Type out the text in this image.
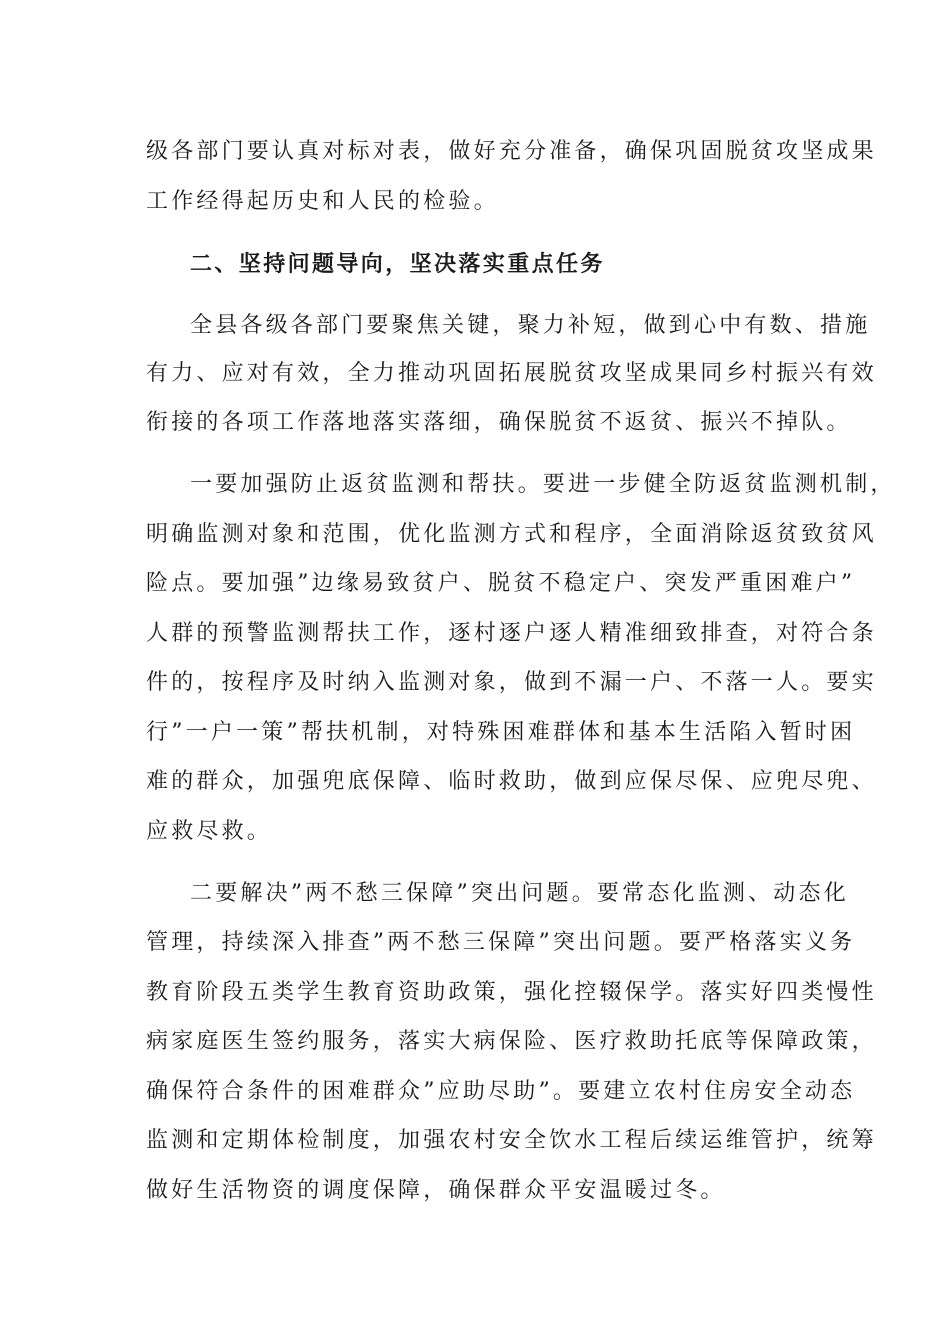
级各部门要认真对标对表，做好充分准备，确保巩固脱贫攻坚成果
工作经得起历史和人民的检验。
二、坚持问题导向，坚决落实重点任务
全县各级各部门要聚焦关键，聚力补短，做到心中有数、措施
有力、应对有效，全力推动巩固拓展脱贫攻坚成果同乡村振兴有效
衔接的各项工作落地落实落细，确保脱贫不返贫、振兴不掉队。
一要加强防止返贫监测和帮扶。要进一步健全防返贫监测机制，
明确监测对象和范围，优化监测方式和程序，全面消除返贫致贫风
险点。要加强”边缘易致贫户、脱贫不稳定户、突发严重困难户”
人群的预警监测帮扶工作，逐村逐户逐人精准细致排查，对符合条
件的，按程序及时纳入监测对象，做到不漏一户、不落一人。要实
行”一户一策”帮扶机制，对特殊困难群体和基本生活陷入暂时困
难的群众，加强兜底保障、临时救助，做到应保尽保、应兜尽兜、
应救尽救。
二要解决”两不愁三保障”突出问题。要常态化监测、动态化
管理，持续深入排查”两不愁三保障”突出问题。要严格落实义务
教育阶段五类学生教育资助政策，强化控辍保学。落实好四类慢性
病家庭医生签约服务，落实大病保险、医疗救助托底等保障政策，
确保符合条件的困难群众”应助尽助”。要建立农村住房安全动态
监测和定期体检制度，加强农村安全饮水工程后续运维管护，统筹
做好生活物资的调度保障，确保群众平安温暖过冬。
